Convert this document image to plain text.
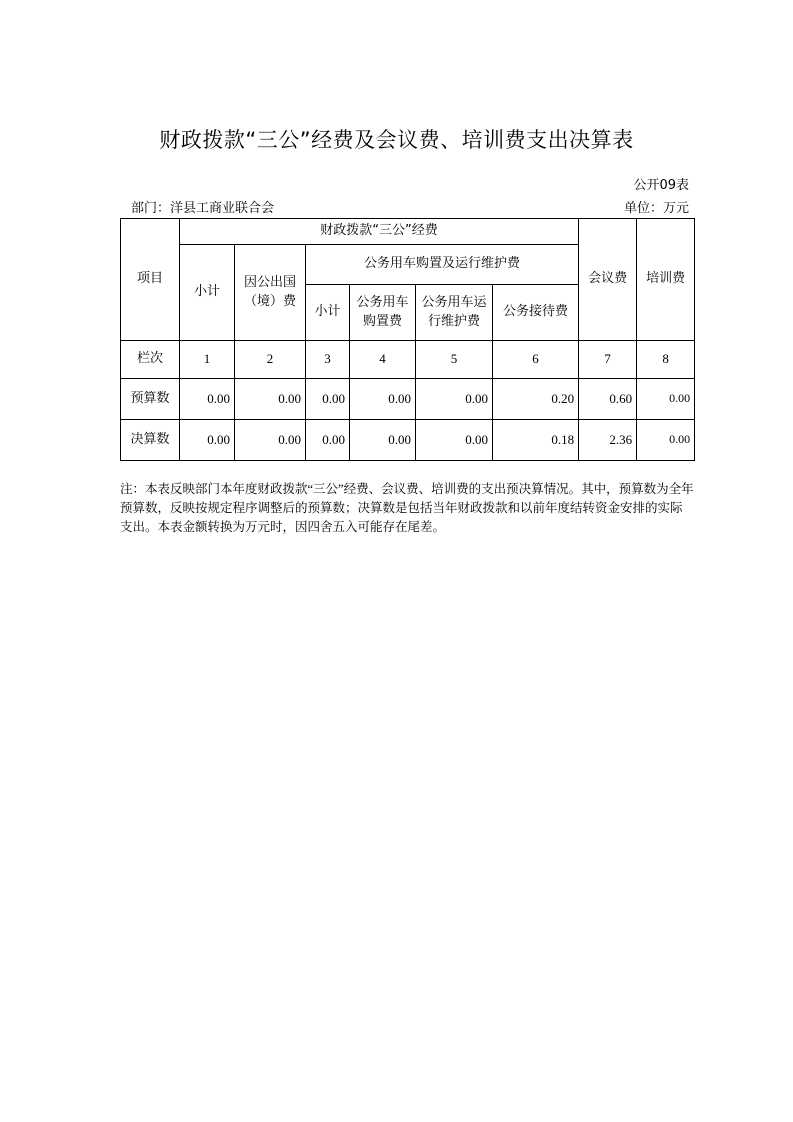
财政拨款“三公”经费及会议费、培训费支出决算表
公开09表
部门：洋县工商业联合会	单位：万元
项目	财政拨款“三公”经费						会议费	培训费
	小计	因公出国（境）费	公务用车购置及运行维护费					
			小计	公务用车购置费	公务用车运行维护费	公务接待费		
栏次	1	2	3	4	5	6	7	8
预算数	0.00	0.00	0.00	0.00	0.00	0.20	0.60	0.00
决算数	0.00	0.00	0.00	0.00	0.00	0.18	2.36	0.00
注：本表反映部门本年度财政拨款“三公”经费、会议费、培训费的支出预决算情况。其中，预算数为全年预算数，反映按规定程序调整后的预算数；决算数是包括当年财政拨款和以前年度结转资金安排的实际支出。本表金额转换为万元时，因四舍五入可能存在尾差。
